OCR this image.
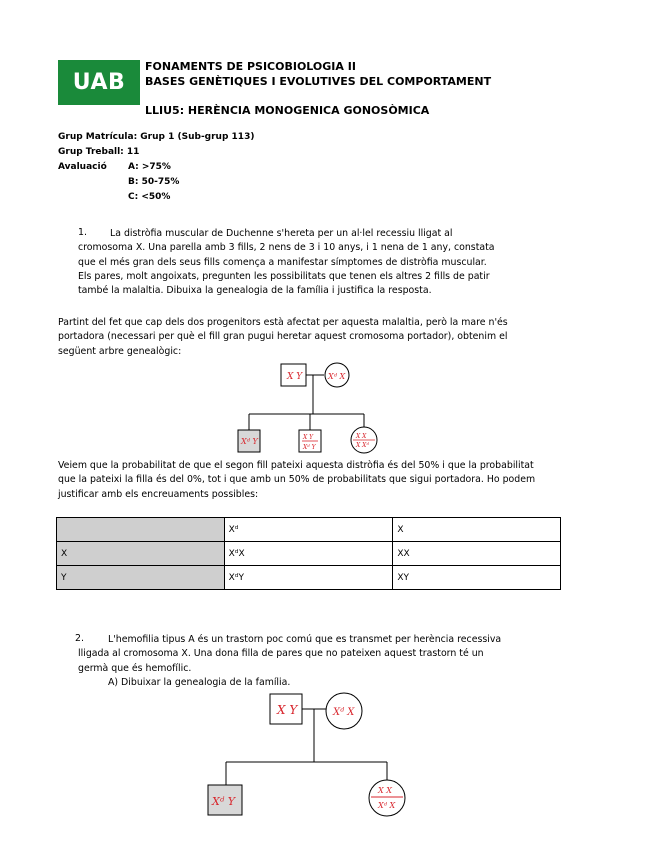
UAB
FONAMENTS DE PSICOBIOLOGIA II
BASES GENÈTIQUES I EVOLUTIVES DEL COMPORTAMENT
LLIU5: HERÈNCIA MONOGENICA GONOSÒMICA
Grup Matrícula: Grup 1 (Sub-grup 113)
Grup Treball: 11
Avaluació A: >75%
B: 50-75%
C: <50%
1.	La distròfia muscular de Duchenne s'hereta per un al·lel recessiu lligat al
cromosoma X. Una parella amb 3 fills, 2 nens de 3 i 10 anys, i 1 nena de 1 any, constata
que el més gran dels seus fills comença a manifestar símptomes de distròfia muscular.
Els pares, molt angoixats, pregunten les possibilitats que tenen els altres 2 fills de patir
també la malaltia. Dibuixa la genealogia de la família i justifica la resposta.
Partint del fet que cap dels dos progenitors està afectat per aquesta malaltia, però la mare n'és
portadora (necessari per què el fill gran pugui heretar aquest cromosoma portador), obtenim el
següent arbre genealògic:
X Y	Xᵈ X
Xᵈ Y	X Y
Xᵈ Y
X X
X Xᵈ
Veiem que la probabilitat de que el segon fill pateixi aquesta distròfia és del 50% i que la probabilitat
que la pateixi la filla és del 0%, tot i que amb un 50% de probabilitats que sigui portadora. Ho podem
justificar amb els encreuaments possibles:
	Xᵈ	X
X	XᵈX	XX
Y	XᵈY	XY
2.	L'hemofilia tipus A és un trastorn poc comú que es transmet per herència recessiva
lligada al cromosoma X. Una dona filla de pares que no pateixen aquest trastorn té un
germà que és hemofílic.
A) Dibuixar la genealogia de la família.
X Y	Xᵈ X
Xᵈ Y
X X
Xᵈ X
